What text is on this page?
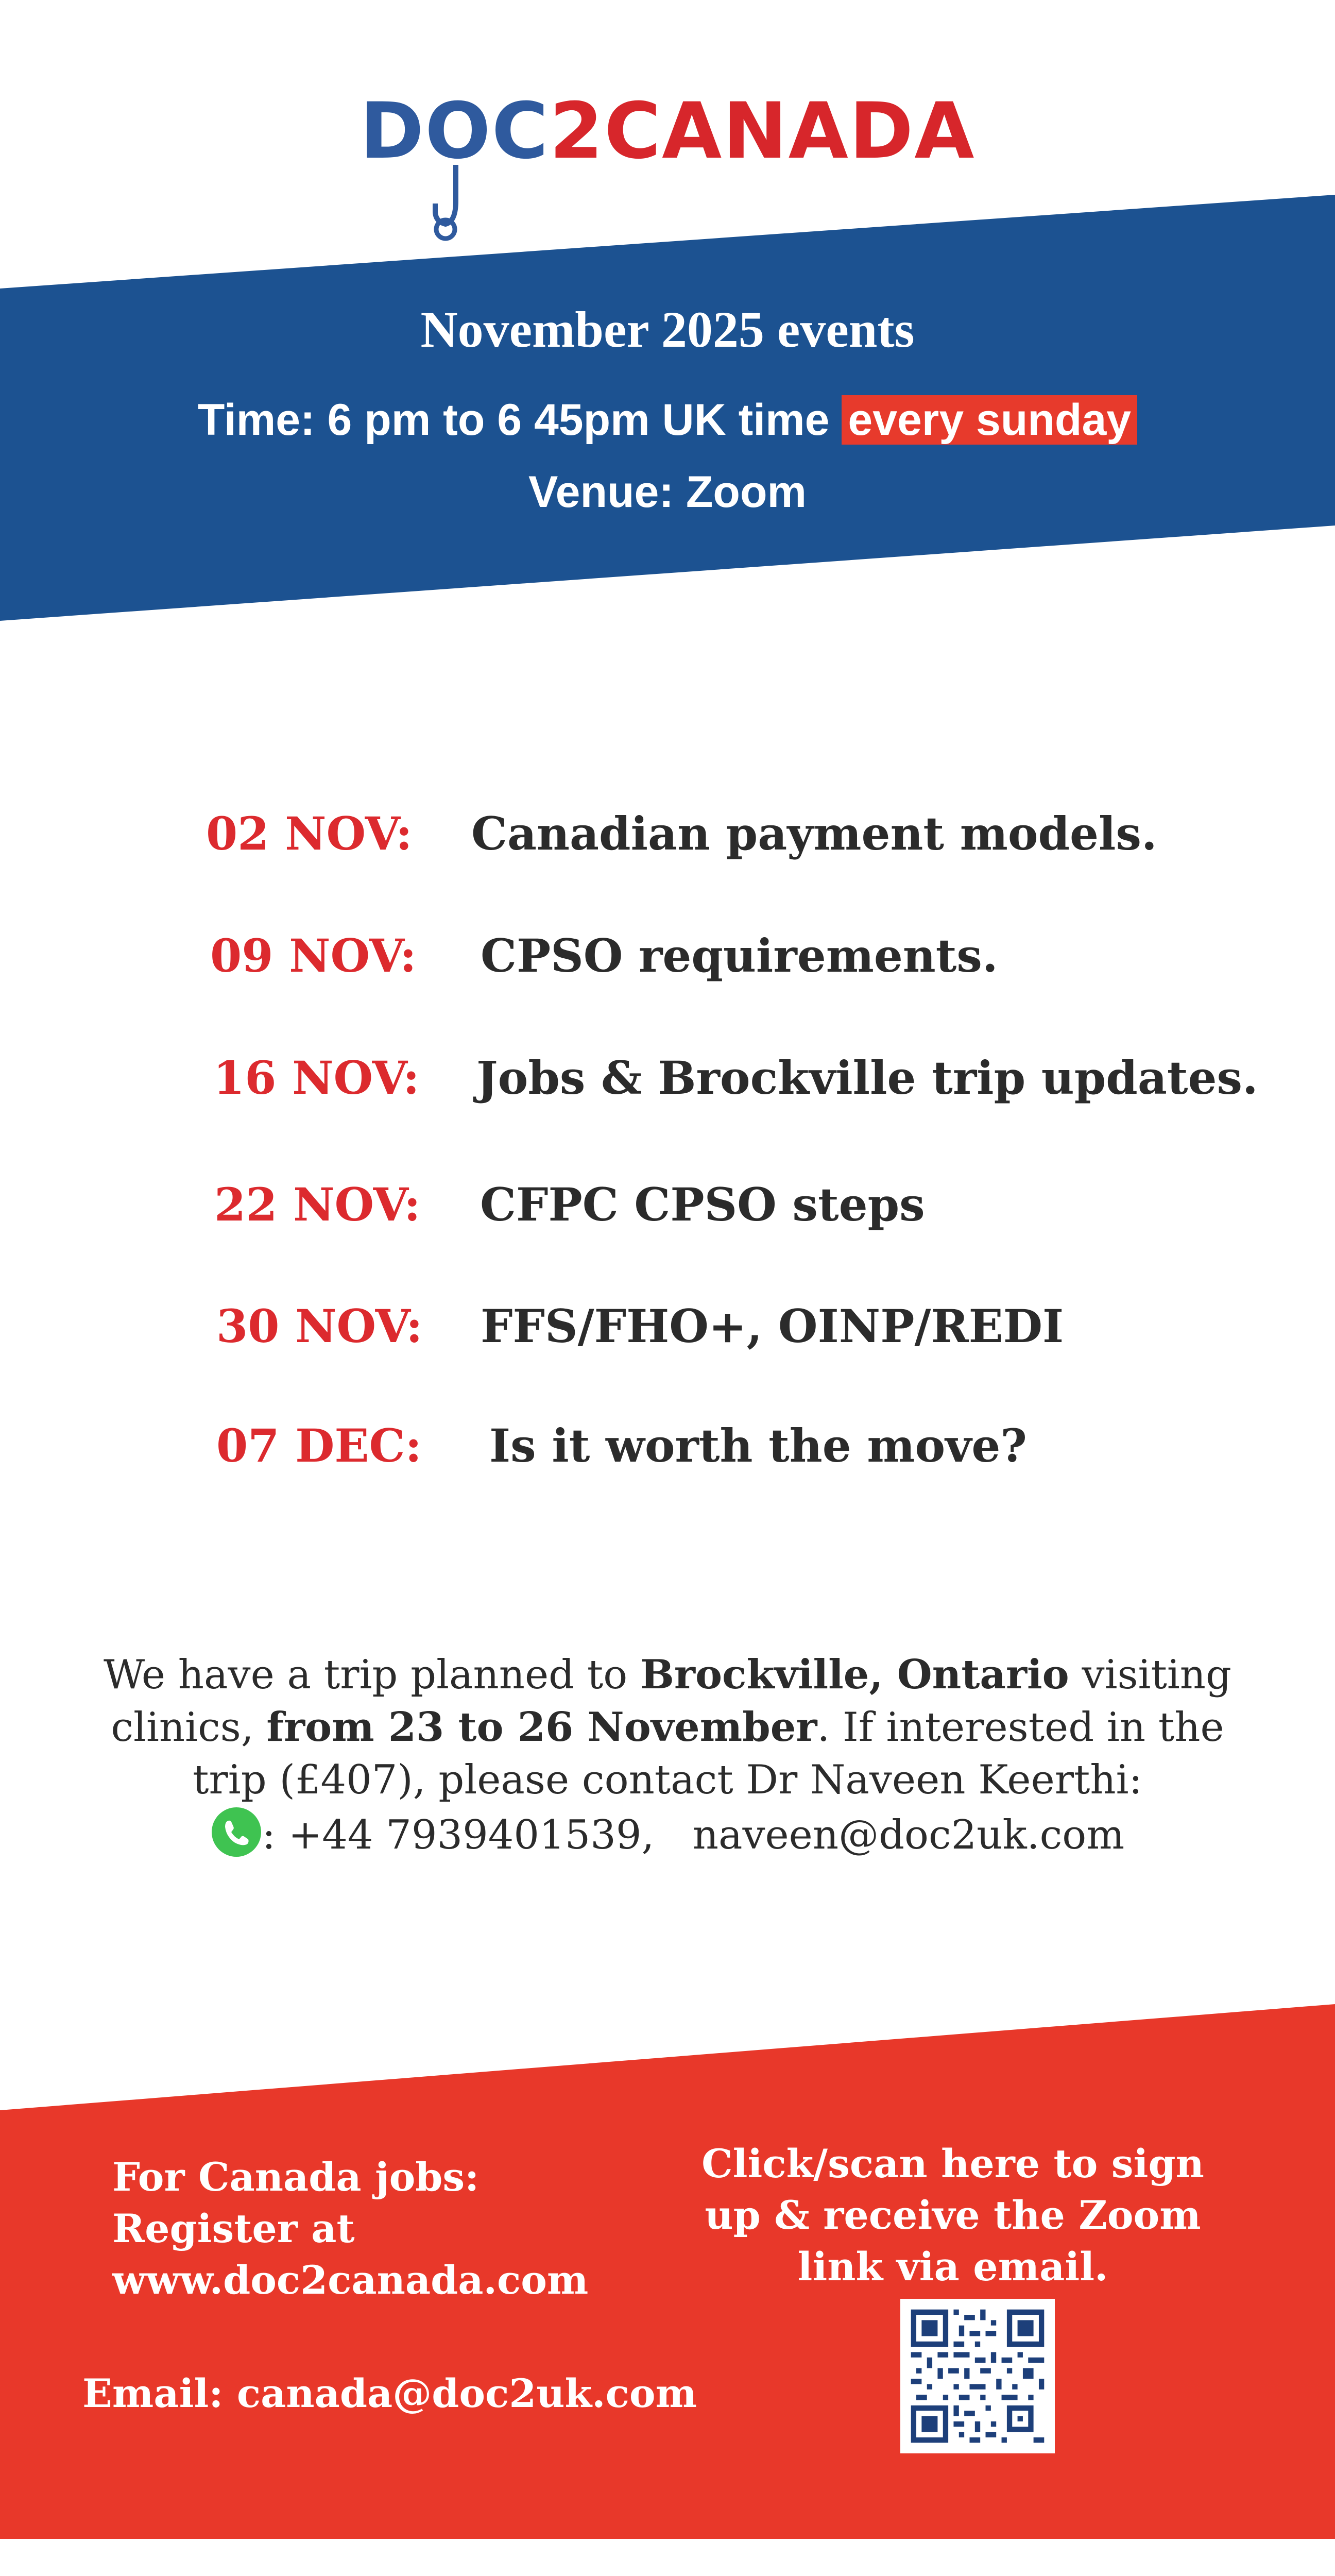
DO
C2CANADA
November 2025 events
Time: 6 pm to 6 45pm UK time every sunday
Venue: Zoom
02 NOV: Canadian payment models.
09 NOV: CPSO requirements.
16 NOV: Jobs & Brockville trip updates.
22 NOV: CFPC CPSO steps
30 NOV: FFS/FHO+, OINP/REDI
07 DEC: Is it worth the move?
We have a trip planned to Brockville, Ontario visiting clinics, from 23 to 26 November. If interested in the trip (£407), please contact Dr Naveen Keerthi:
: +44 7939401539, naveen@doc2uk.com
For Canada jobs:
Register at
www.doc2canada.com
Email: canada@doc2uk.com
Click/scan here to sign
up & receive the Zoom
link via email.
